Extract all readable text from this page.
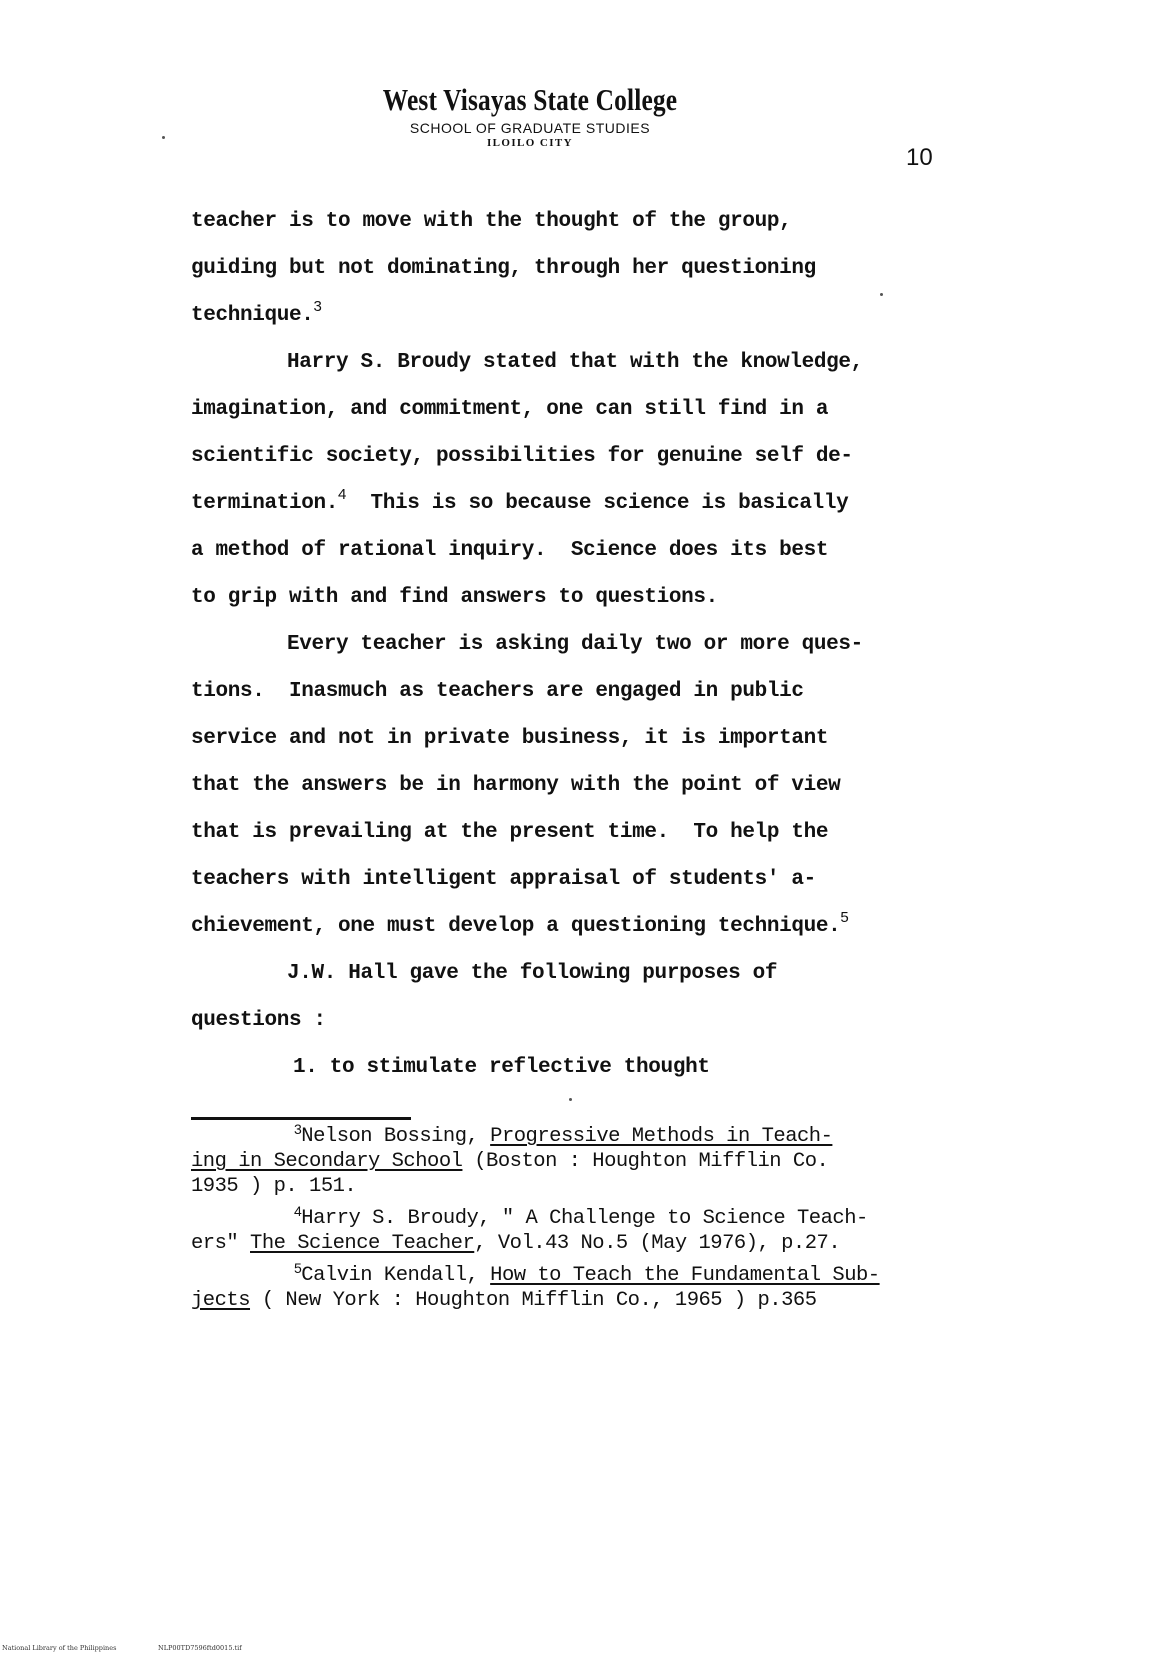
West Visayas State College
SCHOOL OF GRADUATE STUDIES
ILOILO CITY
10
teacher is to move with the thought of the group,
guiding but not dominating, through her questioning
technique.$^3$
Harry S. Broudy stated that with the knowledge,
imagination, and commitment, one can still find in a
scientific society, possibilities for genuine self de-
termination.$^4$  This is so because science is basically
a method of rational inquiry.  Science does its best
to grip with and find answers to questions.
Every teacher is asking daily two or more ques-
tions.  Inasmuch as teachers are engaged in public
service and not in private business, it is important
that the answers be in harmony with the point of view
that is prevailing at the present time.  To help the
teachers with intelligent appraisal of students' a-
chievement, one must develop a questioning technique.$^5$
J.W. Hall gave the following purposes of
questions :
1. to stimulate reflective thought
$^3$Nelson Bossing, Progressive Methods in Teach-
ing in Secondary School (Boston : Houghton Mifflin Co.
1935 ) p. 151.
$^4$Harry S. Broudy, " A Challenge to Science Teach-
ers" The Science Teacher, Vol.43 No.5 (May 1976), p.27.
$^5$Calvin Kendall, How to Teach the Fundamental Sub-
jects ( New York : Houghton Mifflin Co., 1965 ) p.365
National Library of the Philippines	NLP00TD7596ftd0015.tif
